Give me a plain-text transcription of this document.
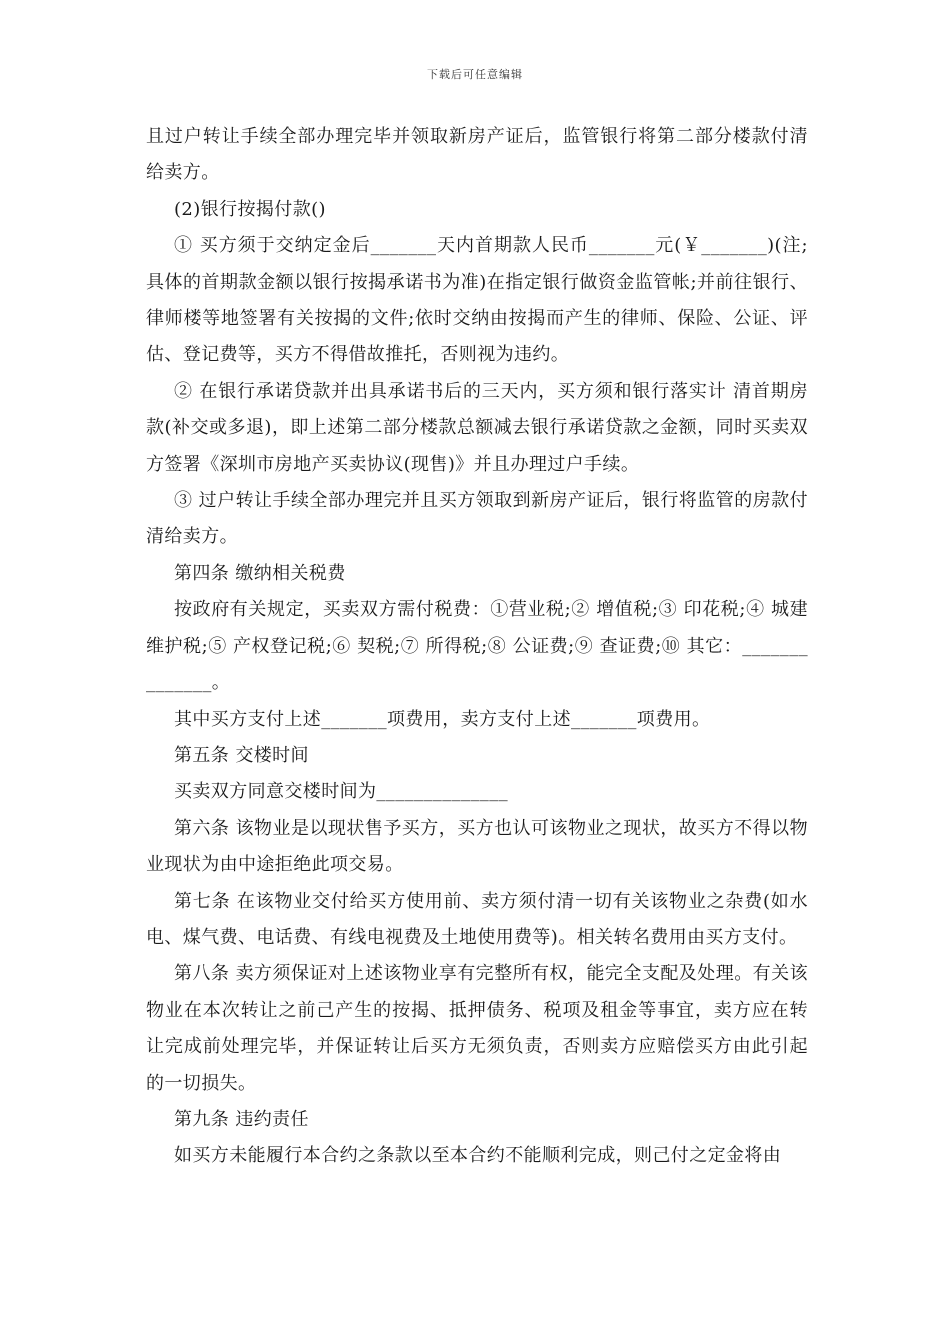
下载后可任意编辑

且过户转让手续全部办理完毕并领取新房产证后，监管银行将第二部分楼款付清给卖方。

(2)银行按揭付款()

① 买方须于交纳定金后_______天内首期款人民币_______元(￥_______)(注;具体的首期款金额以银行按揭承诺书为准)在指定银行做资金监管帐;并前往银行、律师楼等地签署有关按揭的文件;依时交纳由按揭而产生的律师、保险、公证、评估、登记费等，买方不得借故推托，否则视为违约。

② 在银行承诺贷款并出具承诺书后的三天内，买方须和银行落实计 清首期房款(补交或多退)，即上述第二部分楼款总额减去银行承诺贷款之金额，同时买卖双方签署《深圳市房地产买卖协议(现售)》并且办理过户手续。

③ 过户转让手续全部办理完并且买方领取到新房产证后，银行将监管的房款付清给卖方。

第四条 缴纳相关税费

按政府有关规定，买卖双方需付税费：①营业税;② 增值税;③ 印花税;④ 城建维护税;⑤ 产权登记税;⑥ 契税;⑦ 所得税;⑧ 公证费;⑨ 查证费;⑩ 其它：______________。

其中买方支付上述_______项费用，卖方支付上述_______项费用。

第五条 交楼时间

买卖双方同意交楼时间为______________

第六条 该物业是以现状售予买方，买方也认可该物业之现状，故买方不得以物业现状为由中途拒绝此项交易。

第七条 在该物业交付给买方使用前、卖方须付清一切有关该物业之杂费(如水电、煤气费、电话费、有线电视费及土地使用费等)。相关转名费用由买方支付。

第八条 卖方须保证对上述该物业享有完整所有权，能完全支配及处理。有关该物业在本次转让之前己产生的按揭、抵押债务、税项及租金等事宜，卖方应在转让完成前处理完毕，并保证转让后买方无须负责，否则卖方应赔偿买方由此引起的一切损失。

第九条 违约责任

如买方未能履行本合约之条款以至本合约不能顺利完成，则己付之定金将由
